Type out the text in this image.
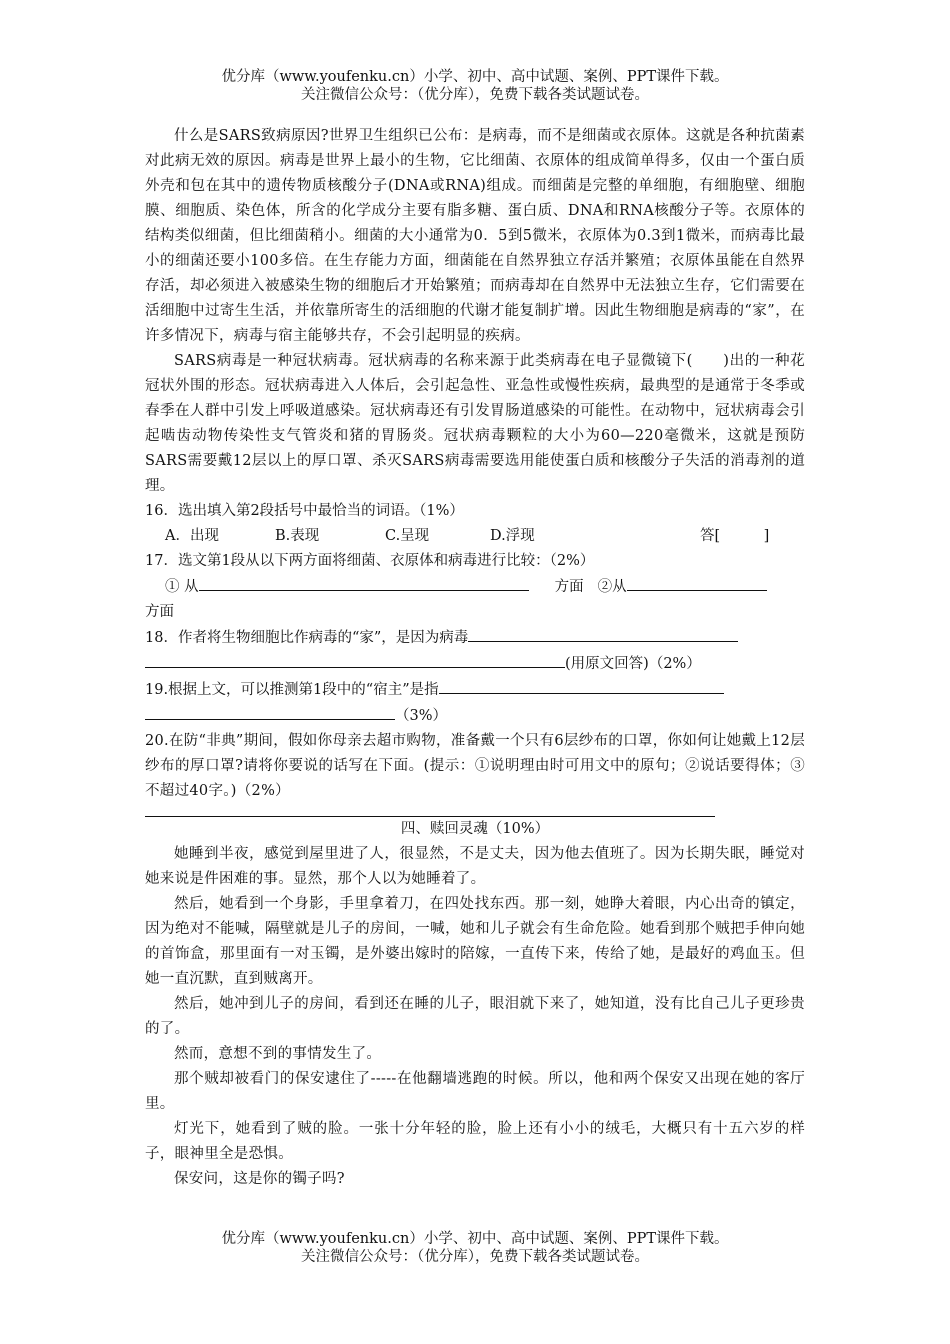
优分库（www.youfenku.cn）小学、初中、高中试题、案例、PPT课件下载。
关注微信公众号：（优分库），免费下载各类试题试卷。

什么是SARS致病原因?世界卫生组织已公布：是病毒，而不是细菌或衣原体。这就是各种抗菌素对此病无效的原因。病毒是世界上最小的生物，它比细菌、衣原体的组成简单得多，仅由一个蛋白质外壳和包在其中的遗传物质核酸分子(DNA或RNA)组成。而细菌是完整的单细胞，有细胞壁、细胞膜、细胞质、染色体，所含的化学成分主要有脂多糖、蛋白质、DNA和RNA核酸分子等。衣原体的结构类似细菌，但比细菌稍小。细菌的大小通常为0．5到5微米，衣原体为0.3到1微米，而病毒比最小的细菌还要小100多倍。在生存能力方面，细菌能在自然界独立存活并繁殖；衣原体虽能在自然界存活，却必须进入被感染生物的细胞后才开始繁殖；而病毒却在自然界中无法独立生存，它们需要在活细胞中过寄生生活，并依靠所寄生的活细胞的代谢才能复制扩增。因此生物细胞是病毒的“家”，在许多情况下，病毒与宿主能够共存，不会引起明显的疾病。

SARS病毒是一种冠状病毒。冠状病毒的名称来源于此类病毒在电子显微镜下(　　)出的一种花冠状外围的形态。冠状病毒进入人体后，会引起急性、亚急性或慢性疾病，最典型的是通常于冬季或春季在人群中引发上呼吸道感染。冠状病毒还有引发胃肠道感染的可能性。在动物中，冠状病毒会引起啮齿动物传染性支气管炎和猪的胃肠炎。冠状病毒颗粒的大小为60—220毫微米，这就是预防SARS需要戴12层以上的厚口罩、杀灭SARS病毒需要选用能使蛋白质和核酸分子失活的消毒剂的道理。

16．选出填入第2段括号中最恰当的词语。（1%）

A．出现	B.表现	C.呈现	D.浮现	答[　　　]

17．选文第1段从以下两方面将细菌、衣原体和病毒进行比较：（2%）

① 从	方面 ②从

方面

18．作者将生物细胞比作病毒的“家”，是因为病毒
(用原文回答)（2%）
19.根据上文，可以推测第1段中的“宿主”是指
（3%）

20.在防“非典”期间，假如你母亲去超市购物，准备戴一个只有6层纱布的口罩，你如何让她戴上12层纱布的厚口罩?请将你要说的话写在下面。(提示：①说明理由时可用文中的原句；②说话要得体；③不超过40字。)（2%）

四、赎回灵魂（10%）

她睡到半夜，感觉到屋里进了人，很显然，不是丈夫，因为他去值班了。因为长期失眠，睡觉对她来说是件困难的事。显然，那个人以为她睡着了。

然后，她看到一个身影，手里拿着刀，在四处找东西。那一刻，她睁大着眼，内心出奇的镇定，因为绝对不能喊，隔壁就是儿子的房间，一喊，她和儿子就会有生命危险。她看到那个贼把手伸向她的首饰盒，那里面有一对玉镯，是外婆出嫁时的陪嫁，一直传下来，传给了她，是最好的鸡血玉。但她一直沉默，直到贼离开。

然后，她冲到儿子的房间，看到还在睡的儿子，眼泪就下来了，她知道，没有比自己儿子更珍贵的了。

然而，意想不到的事情发生了。

那个贼却被看门的保安逮住了-----在他翻墙逃跑的时候。所以，他和两个保安又出现在她的客厅里。

灯光下，她看到了贼的脸。一张十分年轻的脸，脸上还有小小的绒毛，大概只有十五六岁的样子，眼神里全是恐惧。

保安问，这是你的镯子吗?

优分库（www.youfenku.cn）小学、初中、高中试题、案例、PPT课件下载。
关注微信公众号：（优分库），免费下载各类试题试卷。
